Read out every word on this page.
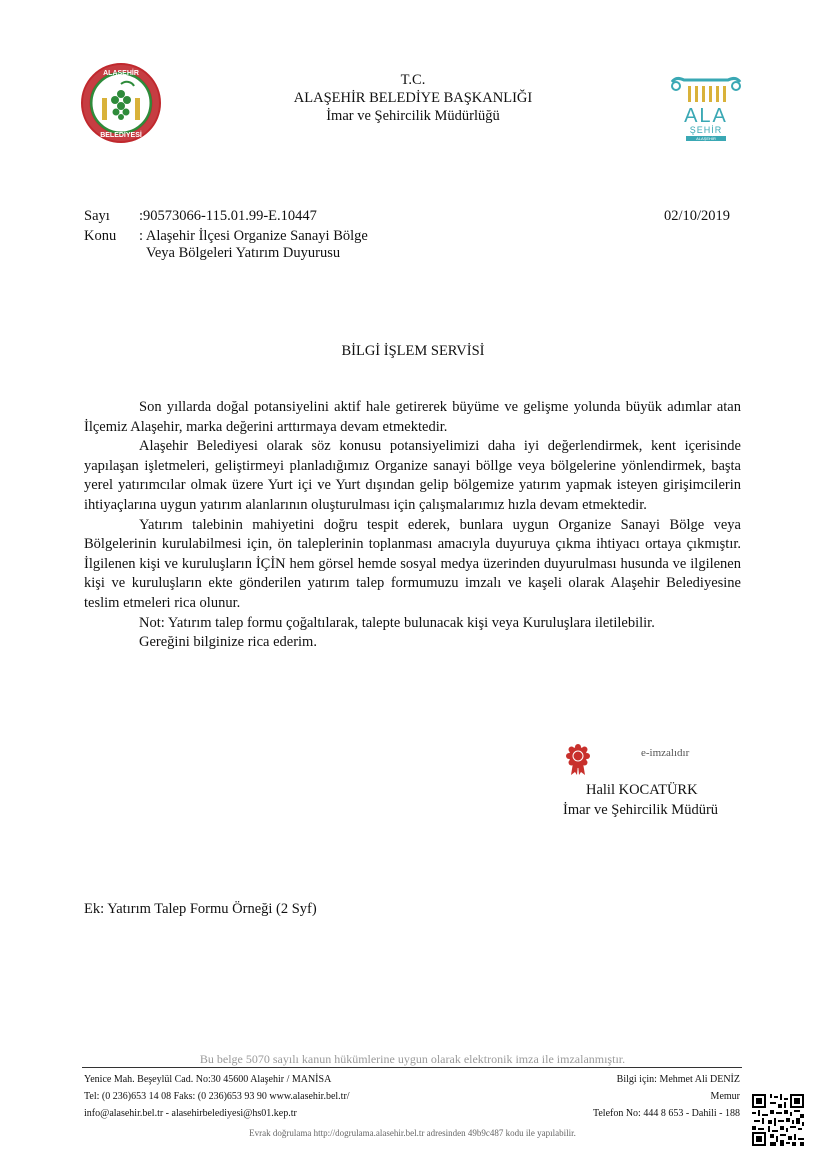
ALAŞEHİR
BELEDİYESİ
T.C.
ALAŞEHİR BELEDİYE BAŞKANLIĞI
İmar ve Şehircilik Müdürlüğü	ALA
ŞEHİR
ALAŞEHİR
Sayı :90573066-115.01.99-E.10447	02/10/2019
Konu : Alaşehir İlçesi Organize Sanayi Bölge
Veya Bölgeleri Yatırım Duyurusu
BİLGİ İŞLEM SERVİSİ

Son yıllarda doğal potansiyelini aktif hale getirerek büyüme ve gelişme yolunda büyük adımlar atan İlçemiz Alaşehir, marka değerini arttırmaya devam etmektedir.

Alaşehir Belediyesi olarak söz konusu potansiyelimizi daha iyi değerlendirmek, kent içerisinde yapılaşan işletmeleri, geliştirmeyi planladığımız Organize sanayi böllge veya bölgelerine yönlendirmek, başta yerel yatırımcılar olmak üzere Yurt içi ve Yurt dışından gelip bölgemize yatırım yapmak isteyen girişimcilerin ihtiyaçlarına uygun yatırım alanlarının oluşturulması için çalışmalarımız hızla devam etmektedir.

Yatırım talebinin mahiyetini doğru tespit ederek, bunlara uygun Organize Sanayi Bölge veya Bölgelerinin kurulabilmesi için, ön taleplerinin toplanması amacıyla duyuruya çıkma ihtiyacı ortaya çıkmıştır. İlgilenen kişi ve kuruluşların İÇİN hem görsel hemde sosyal medya üzerinden duyurulması husunda ve ilgilenen kişi ve kuruluşların ekte gönderilen yatırım talep formumuzu imzalı ve kaşeli olarak Alaşehir Belediyesine teslim etmeleri rica olunur.

Not: Yatırım talep formu çoğaltılarak, talepte bulunacak kişi veya Kuruluşlara iletilebilir.

Gereğini bilginize rica ederim.

e-imzalıdır
Halil KOCATÜRK
İmar ve Şehircilik Müdürü
Ek: Yatırım Talep Formu Örneği (2 Syf)
Bu belge 5070 sayılı kanun hükümlerine uygun olarak elektronik imza ile imzalanmıştır.
Yenice Mah. Beşeylül Cad. No:30 45600 Alaşehir / MANİSA
Tel: (0 236)653 14 08 Faks: (0 236)653 93 90 www.alasehir.bel.tr/
info@alasehir.bel.tr - alasehirbelediyesi@hs01.kep.tr
Bilgi için: Mehmet Ali DENİZ
Memur
Telefon No: 444 8 653 - Dahili - 188
Evrak doğrulama http://dogrulama.alasehir.bel.tr adresinden 49b9c487 kodu ile yapılabilir.
